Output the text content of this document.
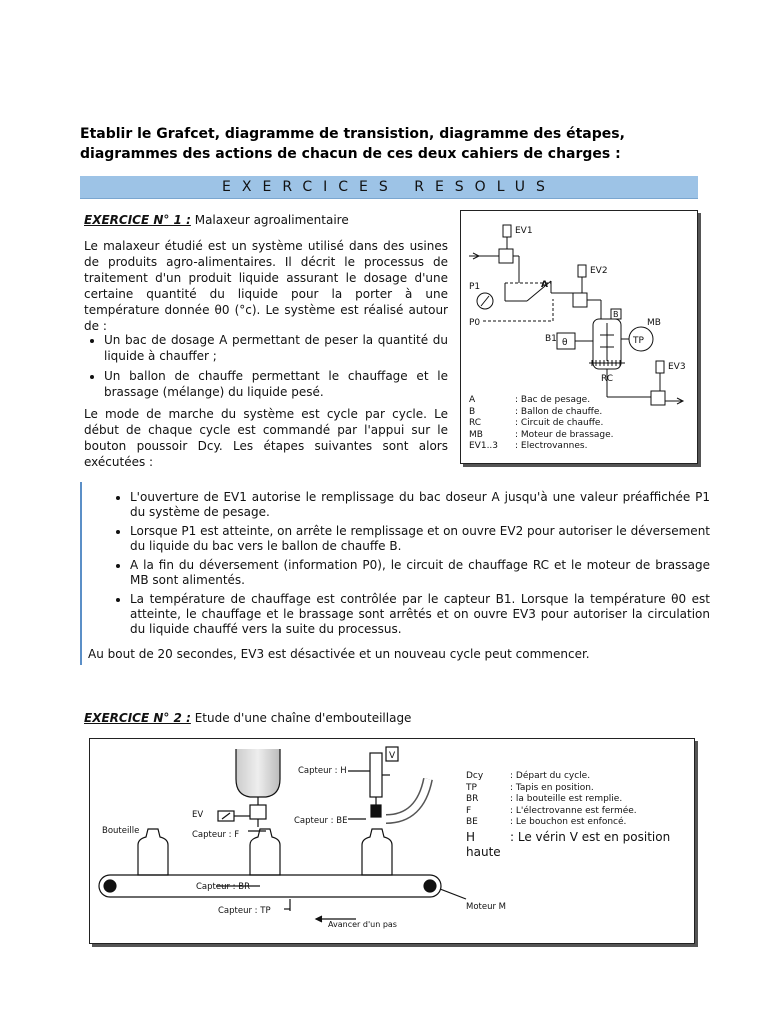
Etablir le Grafcet, diagramme de transistion, diagramme des étapes, diagrammes des actions de chacun de ces deux cahiers de charges :
EXERCICES RESOLUS
EXERCICE N° 1 : Malaxeur agroalimentaire
Le malaxeur étudié est un système utilisé dans des usines de produits agro-alimentaires. Il décrit le processus de traitement d'un produit liquide assurant le dosage d'une certaine quantité du liquide pour la porter à une température donnée θ0 (°c). Le système est réalisé autour de :
• Un bac de dosage A permettant de peser la quantité du liquide à chauffer ;
• Un ballon de chauffe permettant le chauffage et le brassage (mélange) du liquide pesé.
Le mode de marche du système est cycle par cycle. Le début de chaque cycle est commandé par l'appui sur le bouton poussoir Dcy. Les étapes suivantes sont alors exécutées :
EV1
EV2
EV3
P1
P0
A
B
B1 θ
MB
TP
RC
A	: Bac de pesage.
B	: Ballon de chauffe.
RC	: Circuit de chauffe.
MB	: Moteur de brassage.
EV1..3 : Electrovannes.
• L'ouverture de EV1 autorise le remplissage du bac doseur A jusqu'à une valeur préaffichée P1 du système de pesage.
• Lorsque P1 est atteinte, on arrête le remplissage et on ouvre EV2 pour autoriser le déversement du liquide du bac vers le ballon de chauffe B.
• A la fin du déversement (information P0), le circuit de chauffage RC et le moteur de brassage MB sont alimentés.
• La température de chauffage est contrôlée par le capteur B1. Lorsque la température θ0 est atteinte, le chauffage et le brassage sont arrêtés et on ouvre EV3 pour autoriser la circulation du liquide chauffé vers la suite du processus.
Au bout de 20 secondes, EV3 est désactivée et un nouveau cycle peut commencer.
EXERCICE N° 2 : Etude d'une chaîne d'embouteillage
Bouteille
EV
Capteur : F
Capteur : H
Capteur : BE
V
Capteur : BR
Capteur : TP	Moteur M
Avancer d'un pas
Dcy	: Départ du cycle.
TP	: Tapis en position.
BR	: la bouteille est remplie.
F	: L'électrovanne est fermée.
BE	: Le bouchon est enfoncé.
H	: Le vérin V est en position
haute
